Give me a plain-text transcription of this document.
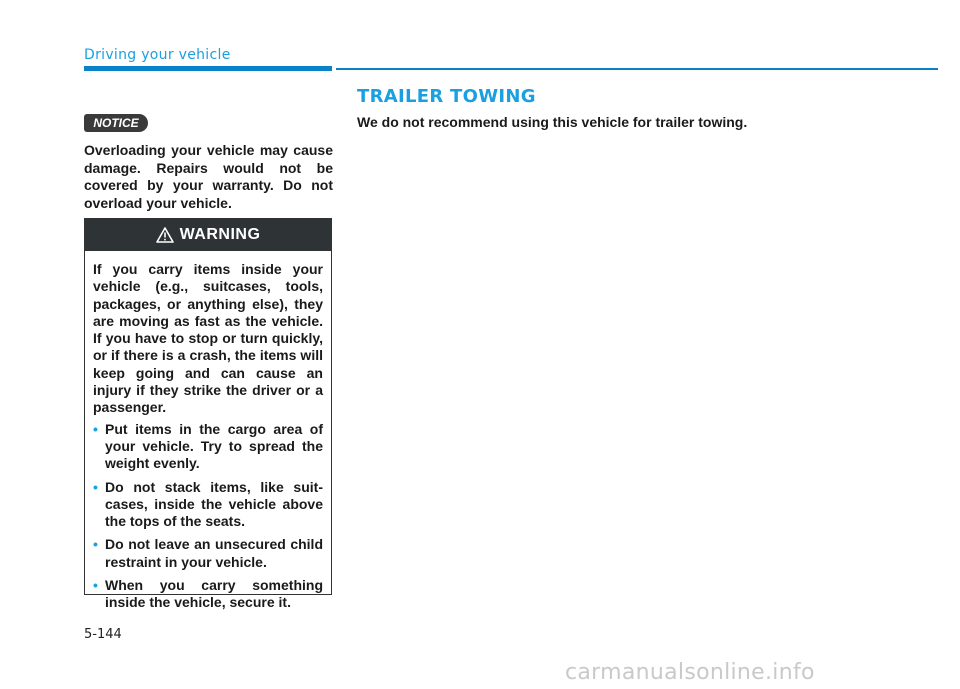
Driving your vehicle
NOTICE

Overloading your vehicle may cause damage. Repairs would not be covered by your warranty. Do not overload your vehicle.

WARNING

If you carry items inside your vehicle (e.g., suitcases, tools, packages, or anything else), they are moving as fast as the vehicle. If you have to stop or turn quickly, or if there is a crash, the items will keep going and can cause an injury if they strike the driver or a passenger.

• Put items in the cargo area of your vehicle. Try to spread the weight evenly.
• Do not stack items, like suit-cases, inside the vehicle above the tops of the seats.
• Do not leave an unsecured child restraint in your vehicle.
• When you carry something inside the vehicle, secure it.
TRAILER TOWING

We do not recommend using this vehicle for trailer towing.

5-144
carmanualsonline.info
